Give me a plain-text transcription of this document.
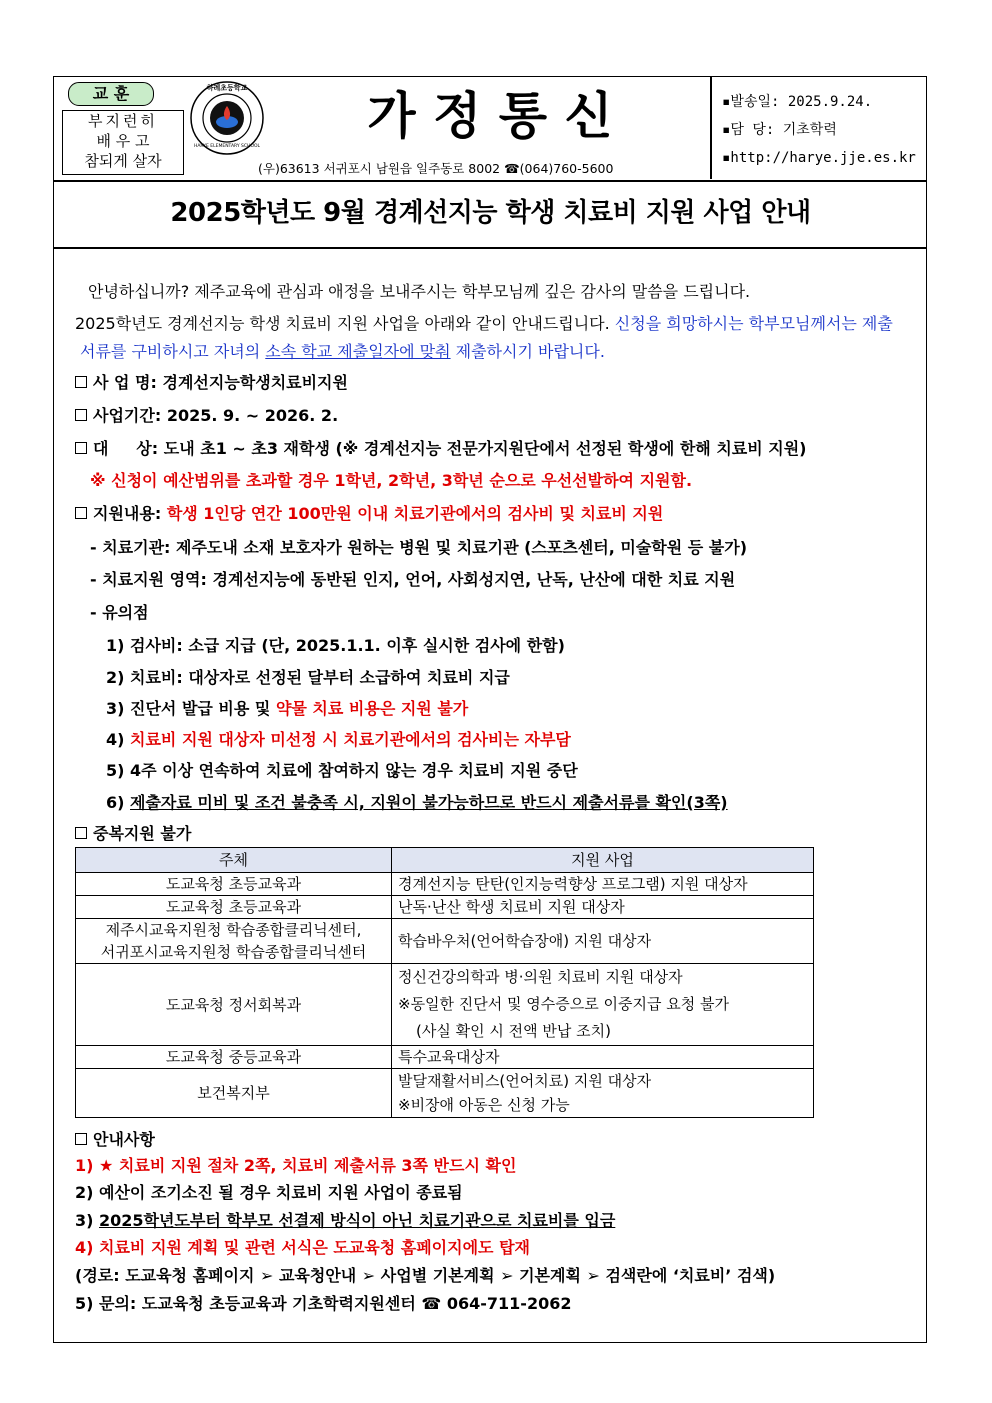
교 훈
부지런히
배 우 고
참되게 살자
하례초등학교
HARYE ELEMENTARY SCHOOL
가 정 통 신
(우)63613 서귀포시 남원읍 일주동로 8002 ☎(064)760-5600
▪발송일: 2025.9.24.
▪담 당: 기초학력
▪http://harye.jje.es.kr
2025학년도 9월 경계선지능 학생 치료비 지원 사업 안내
안녕하십니까? 제주교육에 관심과 애정을 보내주시는 학부모님께 깊은 감사의 말씀을 드립니다.
2025학년도 경계선지능 학생 치료비 지원 사업을 아래와 같이 안내드립니다. 신청을 희망하시는 학부모님께서는 제출
서류를 구비하시고 자녀의 소속 학교 제출일자에 맞춰 제출하시기 바랍니다.
사 업 명: 경계선지능학생치료비지원
사업기간: 2025. 9. ~ 2026. 2.
대     상: 도내 초1 ~ 초3 재학생 (※ 경계선지능 전문가지원단에서 선정된 학생에 한해 치료비 지원)
※ 신청이 예산범위를 초과할 경우 1학년, 2학년, 3학년 순으로 우선선발하여 지원함.
지원내용: 학생 1인당 연간 100만원 이내 치료기관에서의 검사비 및 치료비 지원
- 치료기관: 제주도내 소재 보호자가 원하는 병원 및 치료기관 (스포츠센터, 미술학원 등 불가)
- 치료지원 영역: 경계선지능에 동반된 인지, 언어, 사회성지연, 난독, 난산에 대한 치료 지원
- 유의점
1) 검사비: 소급 지급 (단, 2025.1.1. 이후 실시한 검사에 한함)
2) 치료비: 대상자로 선정된 달부터 소급하여 치료비 지급
3) 진단서 발급 비용 및 약물 치료 비용은 지원 불가
4) 치료비 지원 대상자 미선정 시 치료기관에서의 검사비는 자부담
5) 4주 이상 연속하여 치료에 참여하지 않는 경우 치료비 지원 중단
6) 제출자료 미비 및 조건 불충족 시, 지원이 불가능하므로 반드시 제출서류를 확인(3쪽)
중복지원 불가
주체	지원 사업
도교육청 초등교육과	경계선지능 탄탄(인지능력향상 프로그램) 지원 대상자
도교육청 초등교육과	난독·난산 학생 치료비 지원 대상자

제주시교육지원청 학습종합클리닉센터,
서귀포시교육지원청 학습종합클리닉센터	학습바우처(언어학습장애) 지원 대상자
도교육청 정서회복과	정신건강의학과 병·의원 치료비 지원 대상자
※동일한 진단서 및 영수증으로 이중지급 요청 불가
(사실 확인 시 전액 반납 조치)

도교육청 중등교육과	특수교육대상자
보건복지부	발달재활서비스(언어치료) 지원 대상자
※비장애 아동은 신청 가능
안내사항
1) ★ 치료비 지원 절차 2쪽, 치료비 제출서류 3쪽 반드시 확인
2) 예산이 조기소진 될 경우 치료비 지원 사업이 종료됨
3) 2025학년도부터 학부모 선결제 방식이 아닌 치료기관으로 치료비를 입금
4) 치료비 지원 계획 및 관련 서식은 도교육청 홈페이지에도 탑재
(경로: 도교육청 홈페이지 ➢ 교육청안내 ➢ 사업별 기본계획 ➢ 기본계획 ➢ 검색란에 ‘치료비’ 검색)
5) 문의: 도교육청 초등교육과 기초학력지원센터 ☎ 064-711-2062
